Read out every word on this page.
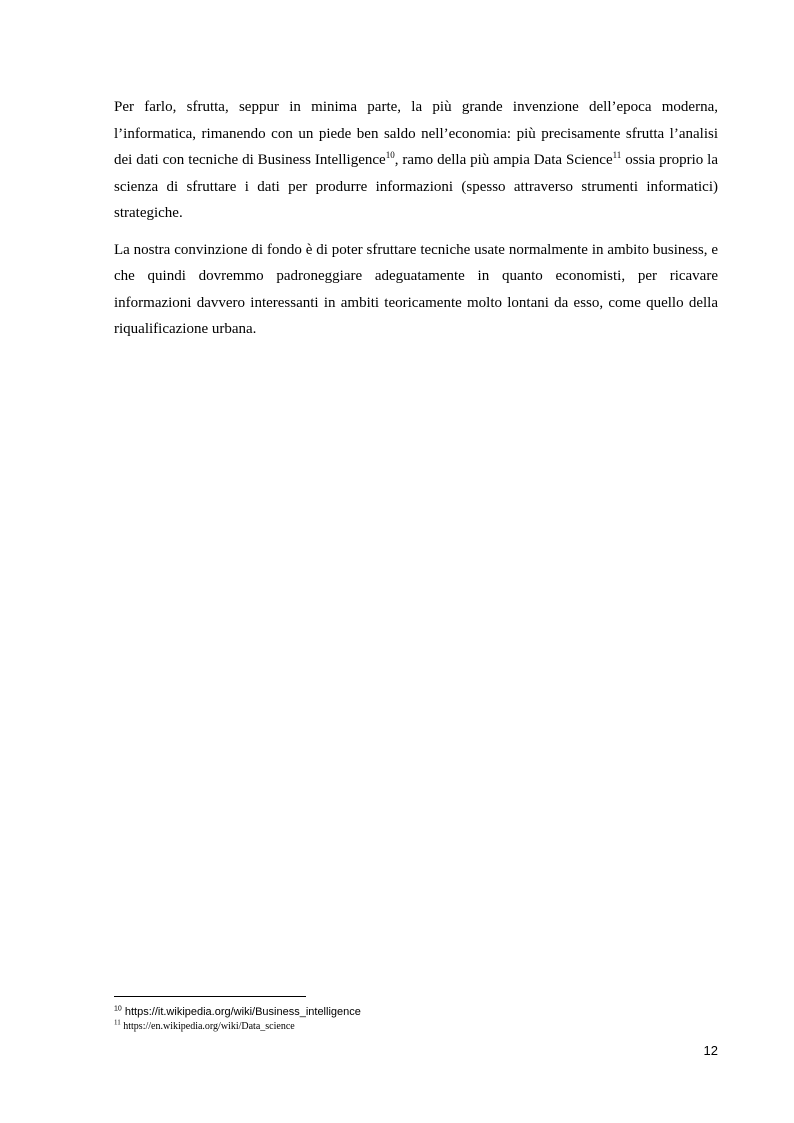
Per farlo, sfrutta, seppur in minima parte, la più grande invenzione dell’epoca moderna, l’informatica, rimanendo con un piede ben saldo nell’economia: più precisamente sfrutta l’analisi dei dati con tecniche di Business Intelligence$^{10}$, ramo della più ampia Data Science$^{11}$ ossia proprio la scienza di sfruttare i dati per produrre informazioni (spesso attraverso strumenti informatici) strategiche.

La nostra convinzione di fondo è di poter sfruttare tecniche usate normalmente in ambito business, e che quindi dovremmo padroneggiare adeguatamente in quanto economisti, per ricavare informazioni davvero interessanti in ambiti teoricamente molto lontani da esso, come quello della riqualificazione urbana.

$^{10}$ https://it.wikipedia.org/wiki/Business_intelligence

$^{11}$ https://en.wikipedia.org/wiki/Data_science

12
